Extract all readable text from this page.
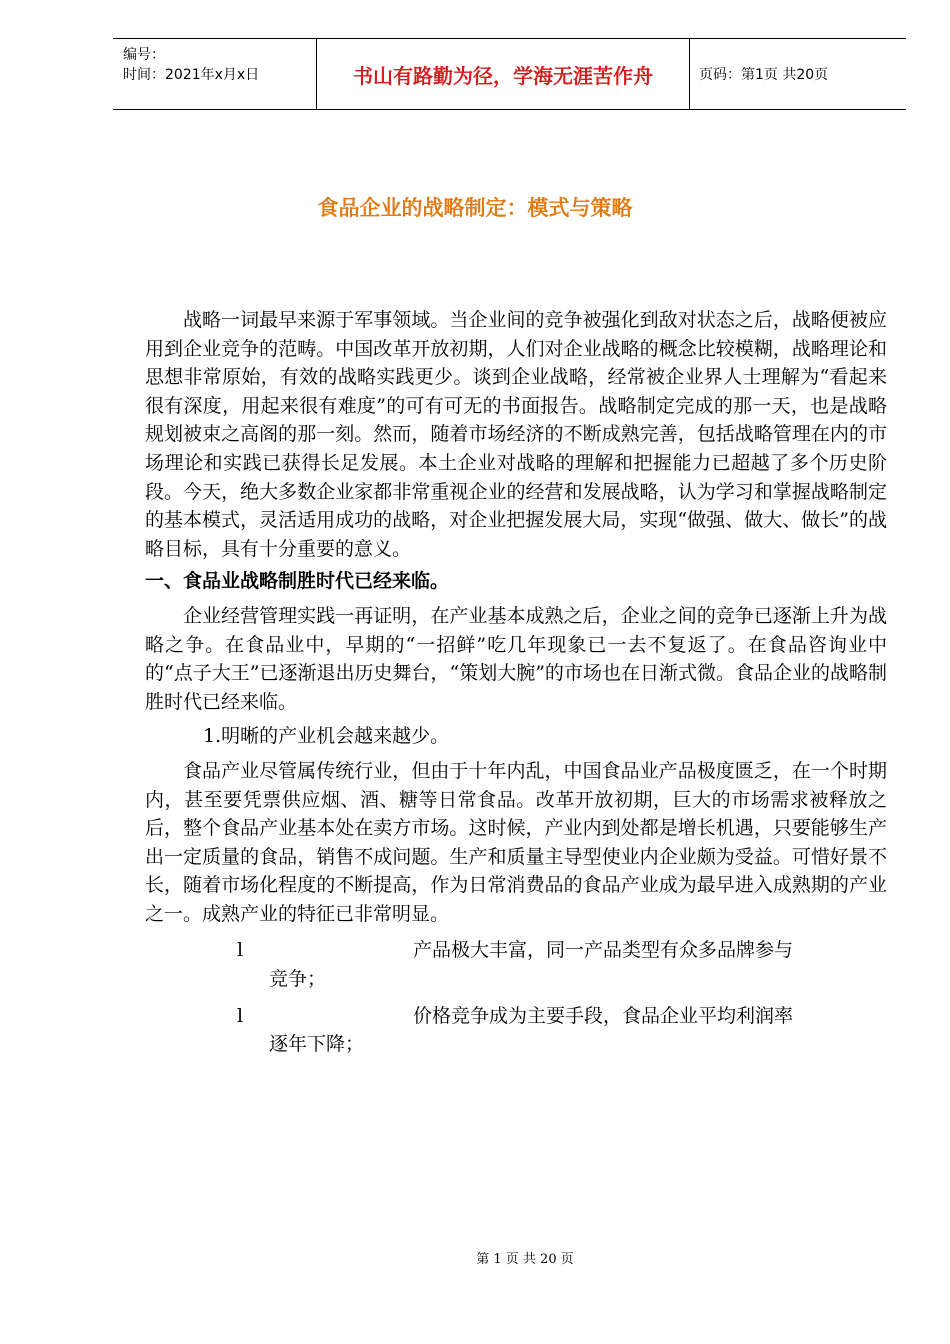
编号：
时间：2021年x月x日	书山有路勤为径，学海无涯苦作舟	页码：第1页 共20页
食品企业的战略制定：模式与策略

战略一词最早来源于军事领域。当企业间的竞争被强化到敌对状态之后，战略便被应用到企业竞争的范畴。中国改革开放初期，人们对企业战略的概念比较模糊，战略理论和思想非常原始，有效的战略实践更少。谈到企业战略，经常被企业界人士理解为“看起来很有深度，用起来很有难度”的可有可无的书面报告。战略制定完成的那一天，也是战略规划被束之高阁的那一刻。然而，随着市场经济的不断成熟完善，包括战略管理在内的市场理论和实践已获得长足发展。本土企业对战略的理解和把握能力已超越了多个历史阶段。今天，绝大多数企业家都非常重视企业的经营和发展战略，认为学习和掌握战略制定的基本模式，灵活适用成功的战略，对企业把握发展大局，实现“做强、做大、做长”的战略目标，具有十分重要的意义。

一、食品业战略制胜时代已经来临。

企业经营管理实践一再证明，在产业基本成熟之后，企业之间的竞争已逐渐上升为战略之争。在食品业中，早期的“一招鲜”吃几年现象已一去不复返了。在食品咨询业中的“点子大王”已逐渐退出历史舞台，“策划大腕”的市场也在日渐式微。食品企业的战略制胜时代已经来临。

1.明晰的产业机会越来越少。

食品产业尽管属传统行业，但由于十年内乱，中国食品业产品极度匮乏，在一个时期内，甚至要凭票供应烟、酒、糖等日常食品。改革开放初期，巨大的市场需求被释放之后，整个食品产业基本处在卖方市场。这时候，产业内到处都是增长机遇，只要能够生产出一定质量的食品，销售不成问题。生产和质量主导型使业内企业颇为受益。可惜好景不长，随着市场化程度的不断提高，作为日常消费品的食品产业成为最早进入成熟期的产业之一。成熟产业的特征已非常明显。

l	产品极大丰富，同一产品类型有众多品牌参与
竞争；
l	价格竞争成为主要手段，食品企业平均利润率
逐年下降；
第 1 页 共 20 页
